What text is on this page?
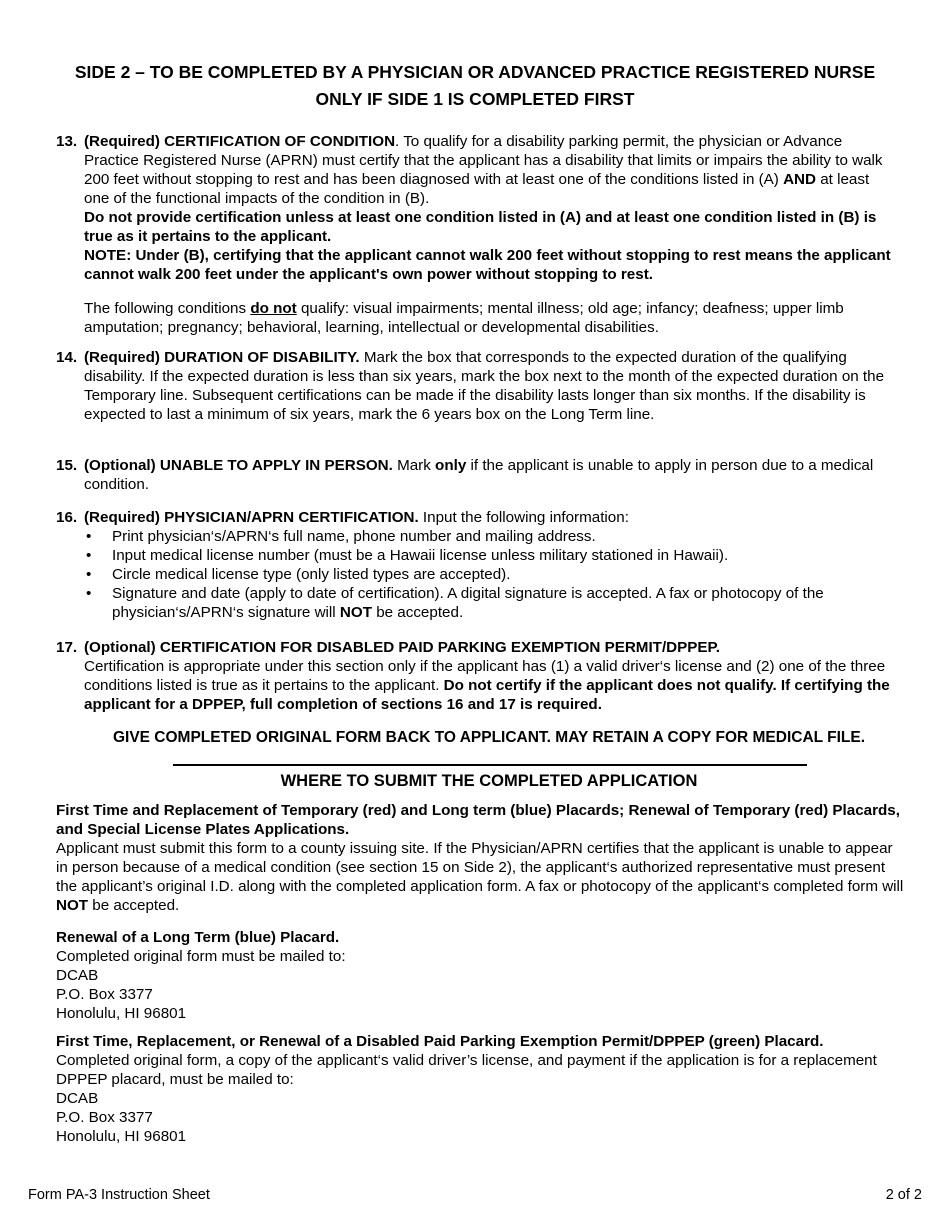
SIDE 2 – TO BE COMPLETED BY A PHYSICIAN OR ADVANCED PRACTICE REGISTERED NURSE
ONLY IF SIDE 1 IS COMPLETED FIRST
13. (Required) CERTIFICATION OF CONDITION. To qualify for a disability parking permit, the physician or Advance Practice Registered Nurse (APRN) must certify that the applicant has a disability that limits or impairs the ability to walk 200 feet without stopping to rest and has been diagnosed with at least one of the conditions listed in (A) AND at least one of the functional impacts of the condition in (B).
Do not provide certification unless at least one condition listed in (A) and at least one condition listed in (B) is true as it pertains to the applicant.
NOTE: Under (B), certifying that the applicant cannot walk 200 feet without stopping to rest means the applicant cannot walk 200 feet under the applicant's own power without stopping to rest.
The following conditions do not qualify: visual impairments; mental illness; old age; infancy; deafness; upper limb amputation; pregnancy; behavioral, learning, intellectual or developmental disabilities.
14. (Required) DURATION OF DISABILITY. Mark the box that corresponds to the expected duration of the qualifying disability. If the expected duration is less than six years, mark the box next to the month of the expected duration on the Temporary line. Subsequent certifications can be made if the disability lasts longer than six months. If the disability is expected to last a minimum of six years, mark the 6 years box on the Long Term line.
15. (Optional) UNABLE TO APPLY IN PERSON. Mark only if the applicant is unable to apply in person due to a medical condition.
16. (Required) PHYSICIAN/APRN CERTIFICATION. Input the following information:
• Print physician‘s/APRN‘s full name, phone number and mailing address.
• Input medical license number (must be a Hawaii license unless military stationed in Hawaii).
• Circle medical license type (only listed types are accepted).
• Signature and date (apply to date of certification). A digital signature is accepted. A fax or photocopy of the physician‘s/APRN‘s signature will NOT be accepted.
17. (Optional) CERTIFICATION FOR DISABLED PAID PARKING EXEMPTION PERMIT/DPPEP.
Certification is appropriate under this section only if the applicant has (1) a valid driver‘s license and (2) one of the three conditions listed is true as it pertains to the applicant. Do not certify if the applicant does not qualify. If certifying the applicant for a DPPEP, full completion of sections 16 and 17 is required.
GIVE COMPLETED ORIGINAL FORM BACK TO APPLICANT. MAY RETAIN A COPY FOR MEDICAL FILE.
WHERE TO SUBMIT THE COMPLETED APPLICATION
First Time and Replacement of Temporary (red) and Long term (blue) Placards; Renewal of Temporary (red) Placards, and Special License Plates Applications.
Applicant must submit this form to a county issuing site. If the Physician/APRN certifies that the applicant is unable to appear in person because of a medical condition (see section 15 on Side 2), the applicant‘s authorized representative must present the applicant’s original I.D. along with the completed application form. A fax or photocopy of the applicant‘s completed form will NOT be accepted.
Renewal of a Long Term (blue) Placard.
Completed original form must be mailed to:
DCAB
P.O. Box 3377
Honolulu, HI 96801
First Time, Replacement, or Renewal of a Disabled Paid Parking Exemption Permit/DPPEP (green) Placard.
Completed original form, a copy of the applicant‘s valid driver’s license, and payment if the application is for a replacement DPPEP placard, must be mailed to:
DCAB
P.O. Box 3377
Honolulu, HI 96801
Form PA-3 Instruction Sheet	2 of 2
